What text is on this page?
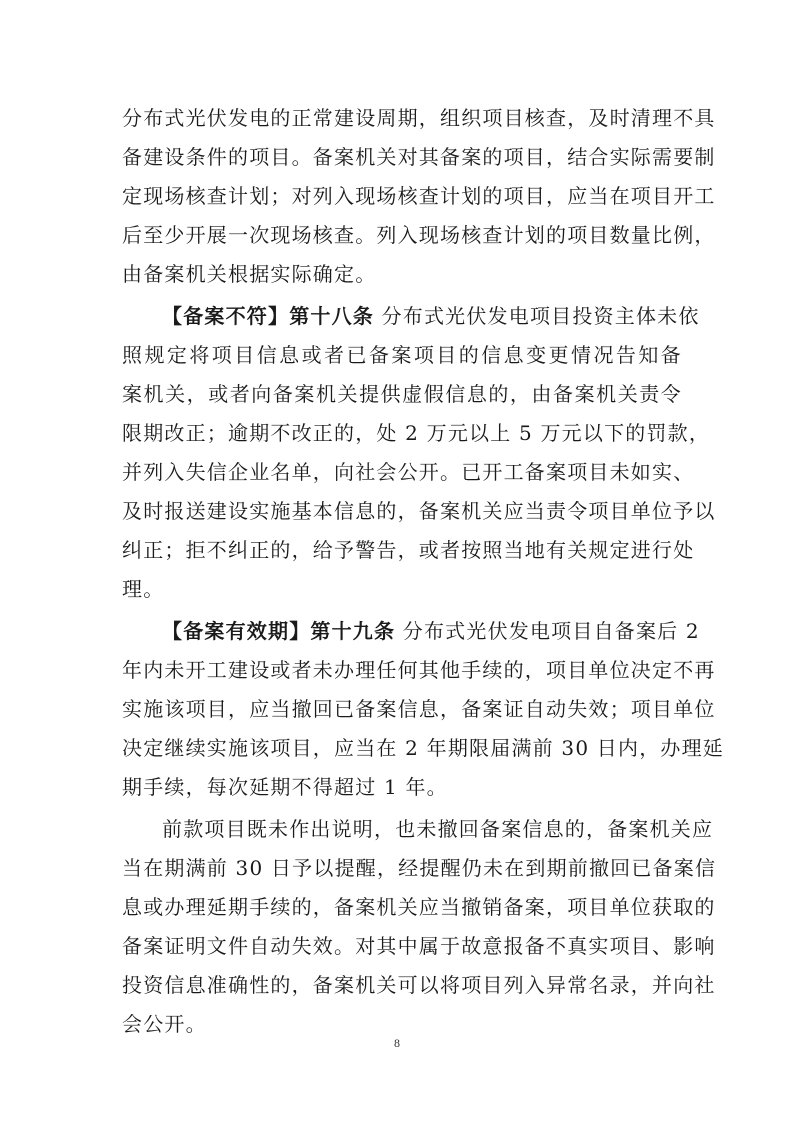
分布式光伏发电的正常建设周期，组织项目核查，及时清理不具
备建设条件的项目。备案机关对其备案的项目，结合实际需要制
定现场核查计划；对列入现场核查计划的项目，应当在项目开工
后至少开展一次现场核查。列入现场核查计划的项目数量比例，
由备案机关根据实际确定。
【备案不符】第十八条 分布式光伏发电项目投资主体未依
照规定将项目信息或者已备案项目的信息变更情况告知备
案机关，或者向备案机关提供虚假信息的，由备案机关责令
限期改正；逾期不改正的，处 2 万元以上 5 万元以下的罚款，
并列入失信企业名单，向社会公开。已开工备案项目未如实、
及时报送建设实施基本信息的，备案机关应当责令项目单位予以
纠正；拒不纠正的，给予警告，或者按照当地有关规定进行处
理。
【备案有效期】第十九条 分布式光伏发电项目自备案后 2
年内未开工建设或者未办理任何其他手续的，项目单位决定不再
实施该项目，应当撤回已备案信息，备案证自动失效；项目单位
决定继续实施该项目，应当在 2 年期限届满前 30 日内，办理延
期手续，每次延期不得超过 1 年。
前款项目既未作出说明，也未撤回备案信息的，备案机关应
当在期满前 30 日予以提醒，经提醒仍未在到期前撤回已备案信
息或办理延期手续的，备案机关应当撤销备案，项目单位获取的
备案证明文件自动失效。对其中属于故意报备不真实项目、影响
投资信息准确性的，备案机关可以将项目列入异常名录，并向社
会公开。
8
